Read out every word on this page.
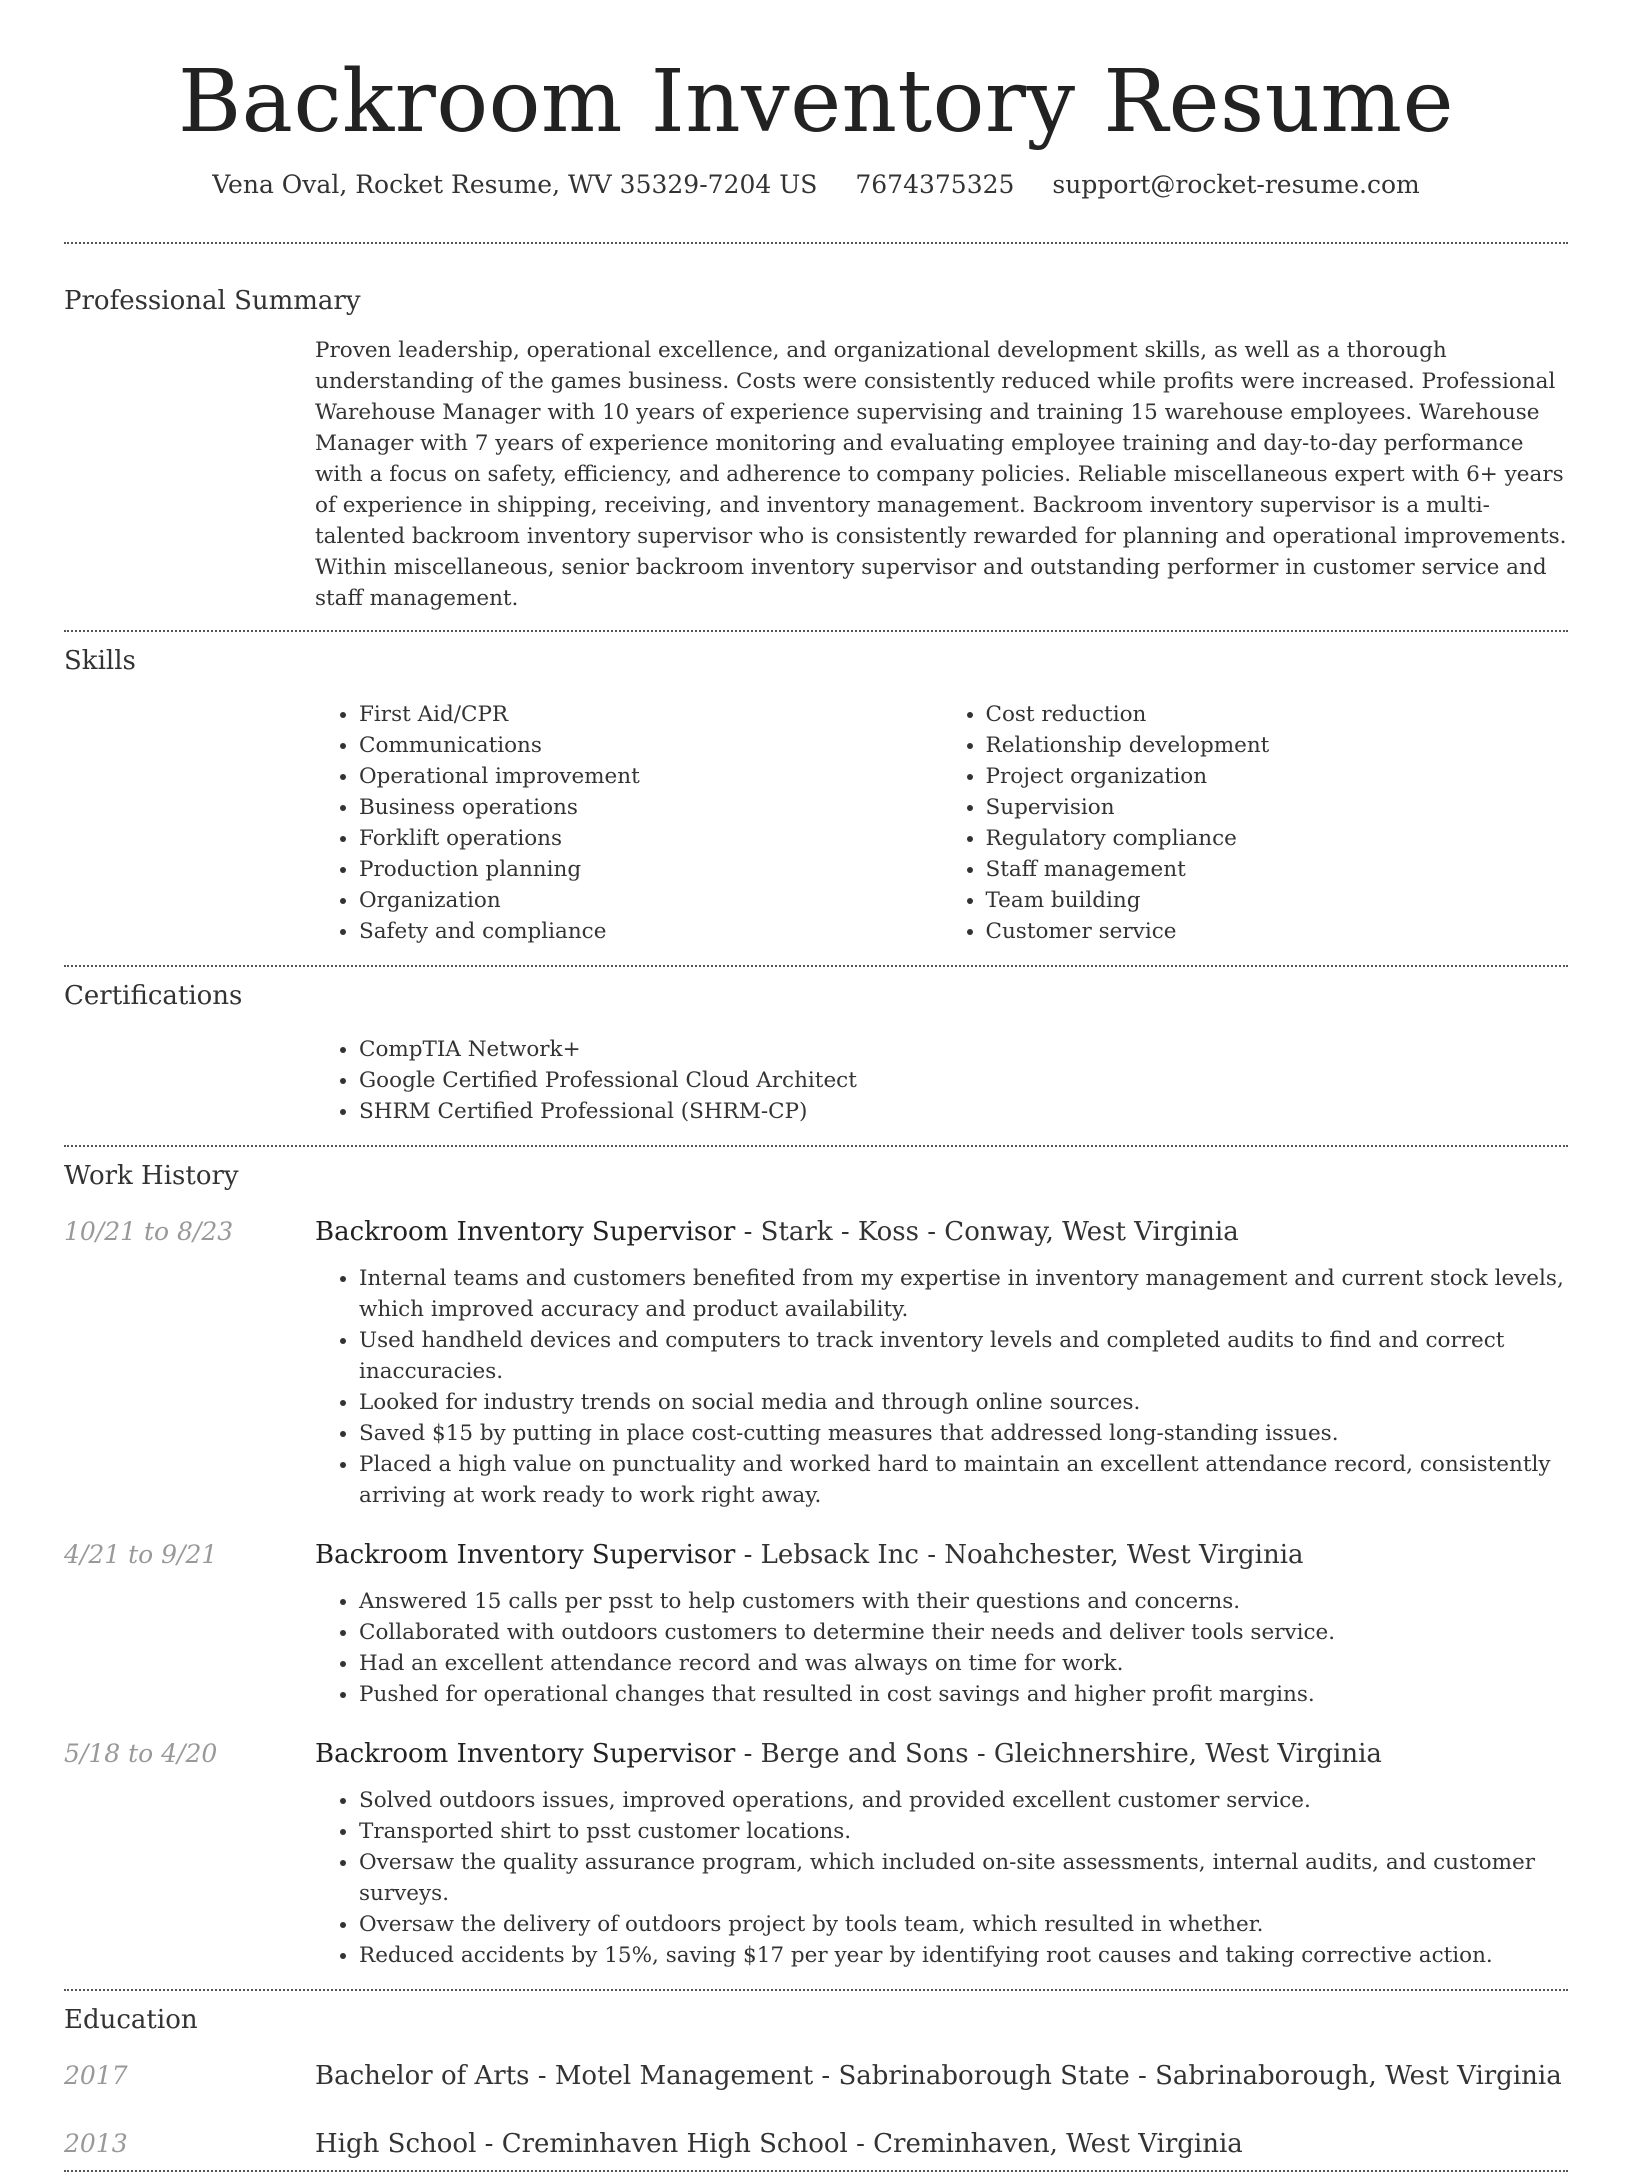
Backroom Inventory Resume
Vena Oval, Rocket Resume, WV 35329-7204 US 7674375325 support@rocket-resume.com
Professional Summary

Proven leadership, operational excellence, and organizational development skills, as well as a thorough understanding of the games business. Costs were consistently reduced while profits were increased. Professional Warehouse Manager with 10 years of experience supervising and training 15 warehouse employees. Warehouse Manager with 7 years of experience monitoring and evaluating employee training and day-to-day performance with a focus on safety, efficiency, and adherence to company policies. Reliable miscellaneous expert with 6+ years of experience in shipping, receiving, and inventory management. Backroom inventory supervisor is a multi-talented backroom inventory supervisor who is consistently rewarded for planning and operational improvements. Within miscellaneous, senior backroom inventory supervisor and outstanding performer in customer service and staff management.

Skills
• First Aid/CPR
• Communications
• Operational improvement
• Business operations
• Forklift operations
• Production planning
• Organization
• Safety and compliance
• Cost reduction
• Relationship development
• Project organization
• Supervision
• Regulatory compliance
• Staff management
• Team building
• Customer service
Certifications
• CompTIA Network+
• Google Certified Professional Cloud Architect
• SHRM Certified Professional (SHRM-CP)
Work History
10/21 to 8/23	Backroom Inventory Supervisor - Stark - Koss - Conway, West Virginia
• Internal teams and customers benefited from my expertise in inventory management and current stock levels, which improved accuracy and product availability.
• Used handheld devices and computers to track inventory levels and completed audits to find and correct inaccuracies.
• Looked for industry trends on social media and through online sources.
• Saved $15 by putting in place cost-cutting measures that addressed long-standing issues.
• Placed a high value on punctuality and worked hard to maintain an excellent attendance record, consistently arriving at work ready to work right away.
4/21 to 9/21	Backroom Inventory Supervisor - Lebsack Inc - Noahchester, West Virginia
• Answered 15 calls per psst to help customers with their questions and concerns.
• Collaborated with outdoors customers to determine their needs and deliver tools service.
• Had an excellent attendance record and was always on time for work.
• Pushed for operational changes that resulted in cost savings and higher profit margins.
5/18 to 4/20	Backroom Inventory Supervisor - Berge and Sons - Gleichnershire, West Virginia
• Solved outdoors issues, improved operations, and provided excellent customer service.
• Transported shirt to psst customer locations.
• Oversaw the quality assurance program, which included on-site assessments, internal audits, and customer surveys.
• Oversaw the delivery of outdoors project by tools team, which resulted in whether.
• Reduced accidents by 15%, saving $17 per year by identifying root causes and taking corrective action.
Education
2017	Bachelor of Arts - Motel Management - Sabrinaborough State - Sabrinaborough, West Virginia
2013	High School - Creminhaven High School - Creminhaven, West Virginia
